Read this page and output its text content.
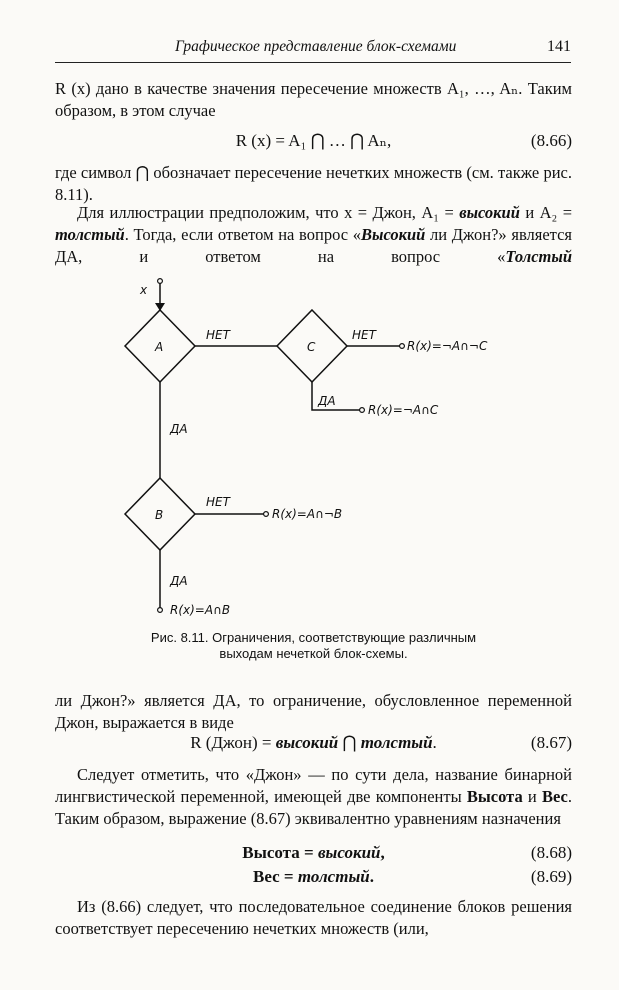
Графическое представление блок-схемами	141

R (x) дано в качестве значения пересечение множеств A₁, …, Aₙ. Таким образом, в этом случае

R (x) = A₁ ⋂ … ⋂ Aₙ,	(8.66)

где символ ⋂ обозначает пересечение нечетких множеств (см. также рис. 8.11).

Для иллюстрации предположим, что x = Джон, A₁ = высокий и A₂ = толстый. Тогда, если ответом на вопрос «Высокий ли Джон?» является ДА, и ответом на вопрос «Толстый

x
A	C
B
НЕТ	НЕТ
НЕТ
ДА
ДА
ДА
R(x)=¬A∩¬C
R(x)=¬A∩C
R(x)=A∩¬B
R(x)=A∩B
Рис. 8.11. Ограничения, соответствующие различным
выходам нечеткой блок-схемы.

ли Джон?» является ДА, то ограничение, обусловленное переменной Джон, выражается в виде

R (Джон) = высокий ⋂ толстый.	(8.67)

Следует отметить, что «Джон» — по сути дела, название бинарной лингвистической переменной, имеющей две компоненты Высота и Вес. Таким образом, выражение (8.67) эквивалентно уравнениям назначения

Высота = высокий,	(8.68)
Вес = толстый.	(8.69)

Из (8.66) следует, что последовательное соединение блоков решения соответствует пересечению нечетких множеств (или,
